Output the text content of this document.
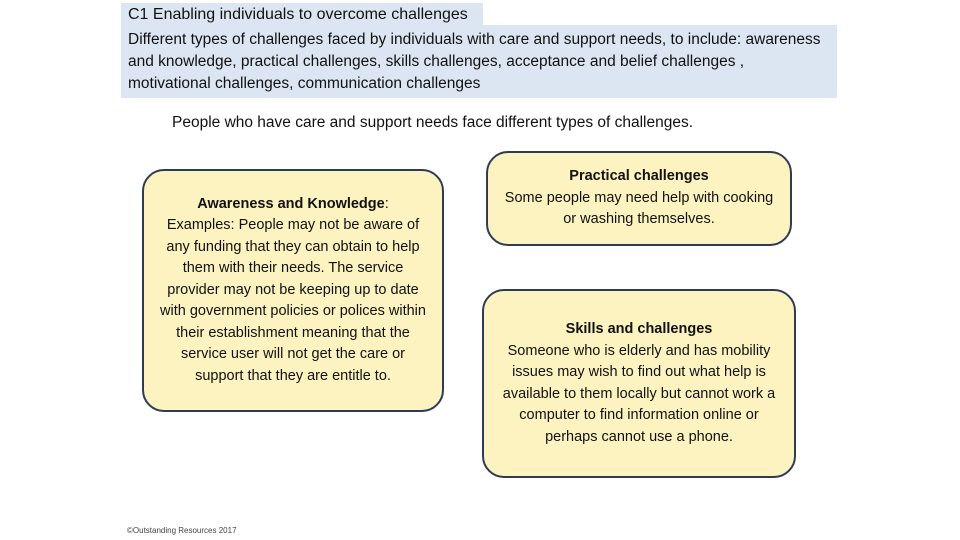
C1 Enabling individuals to overcome challenges
Different types of challenges faced by individuals with care and support needs, to include: awareness and knowledge, practical challenges, skills challenges, acceptance and belief challenges , motivational challenges, communication challenges
People who have care and support needs face different types of challenges.
Awareness and Knowledge:
Examples: People may not be aware of any funding that they can obtain to help them with their needs. The service provider may not be keeping up to date with government policies or polices within their establishment meaning that the service user will not get the care or support that they are entitle to.
Practical challenges
Some people may need help with cooking or washing themselves.
Skills and challenges
Someone who is elderly and has mobility issues may wish to find out what help is available to them locally but cannot work a computer to find information online or perhaps cannot use a phone.
©Outstanding Resources 2017
